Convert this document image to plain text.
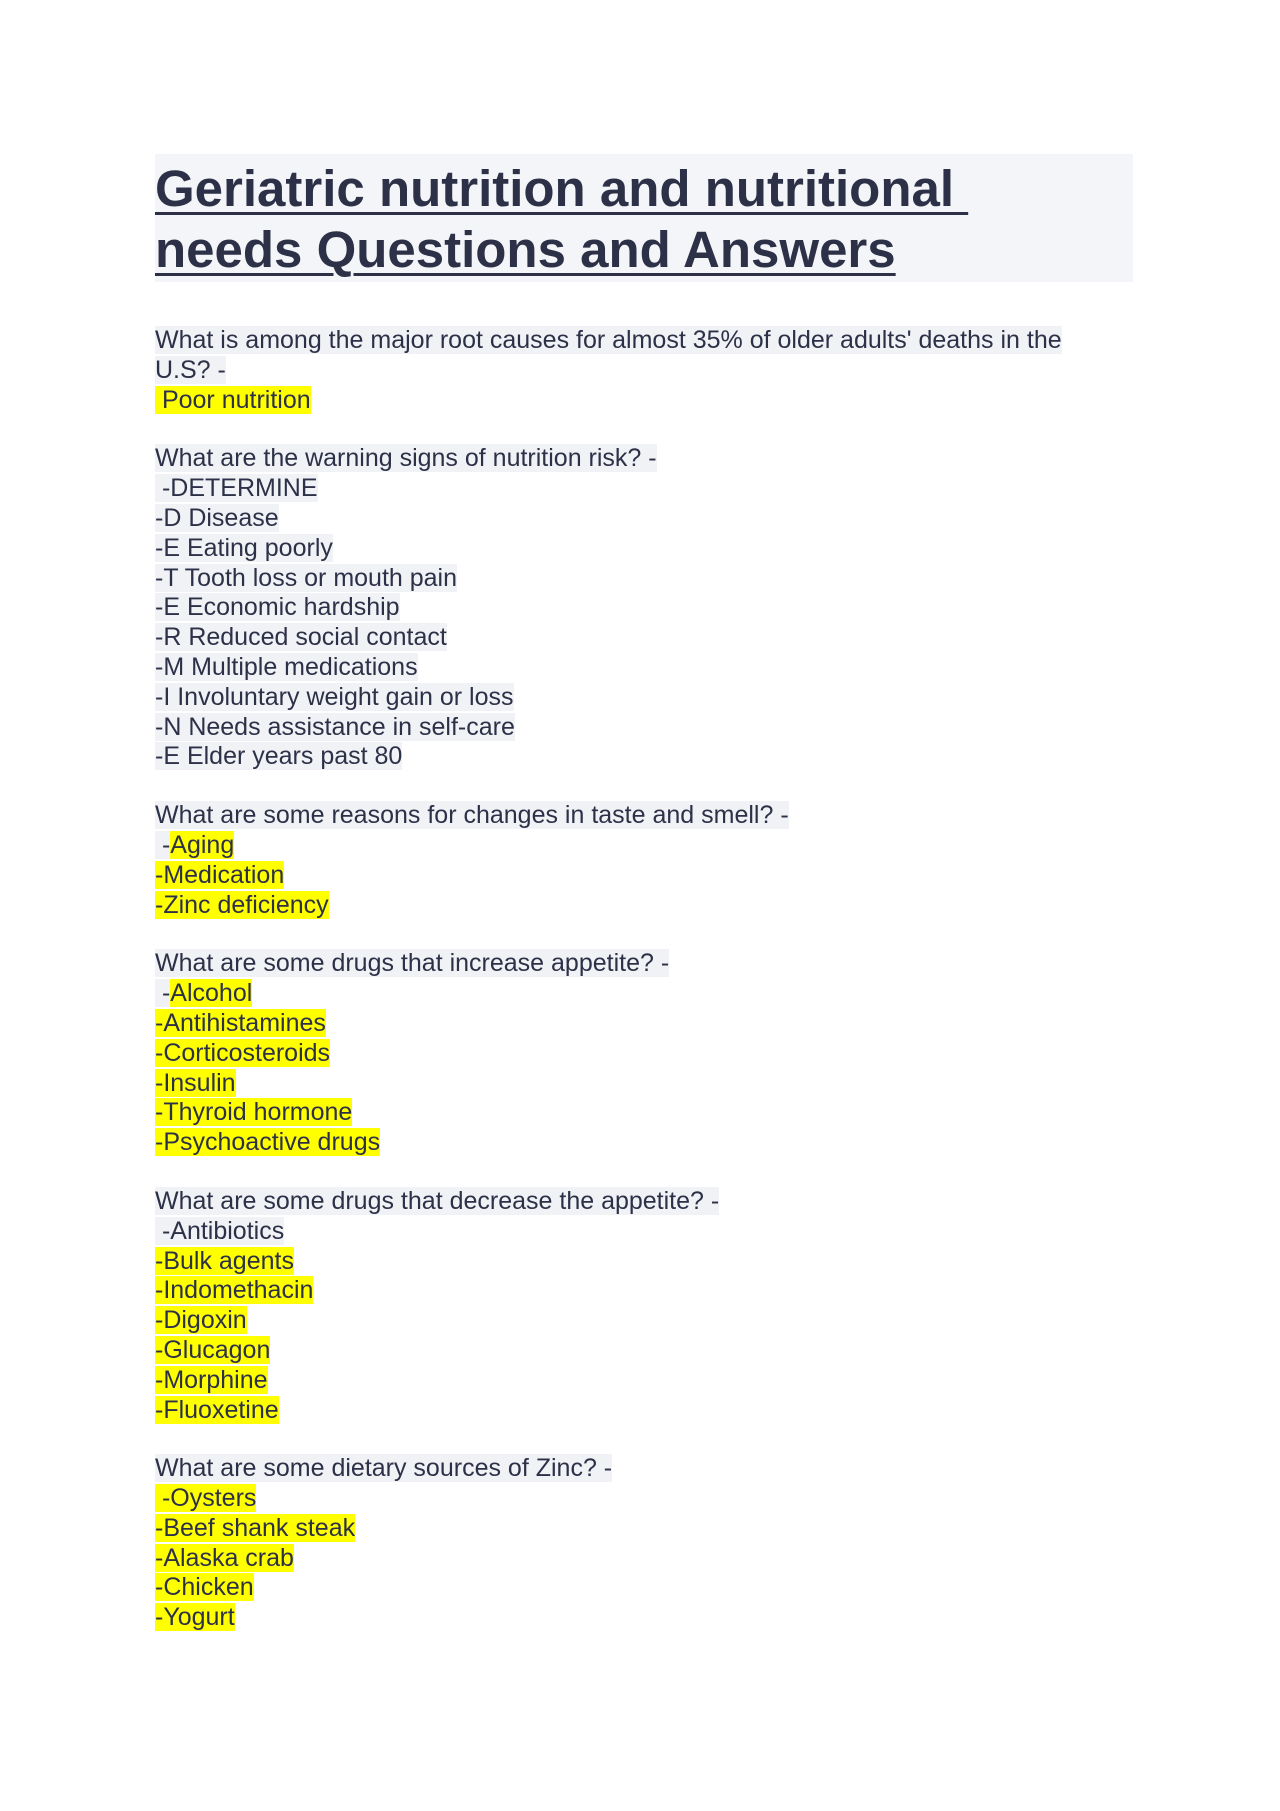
Geriatric nutrition and nutritional
needs Questions and Answers
What is among the major root causes for almost 35% of older adults' deaths in the
U.S? -
Poor nutrition
What are the warning signs of nutrition risk? -
-DETERMINE
-D Disease
-E Eating poorly
-T Tooth loss or mouth pain
-E Economic hardship
-R Reduced social contact
-M Multiple medications
-I Involuntary weight gain or loss
-N Needs assistance in self-care
-E Elder years past 80
What are some reasons for changes in taste and smell? -
-Aging
-Medication
-Zinc deficiency
What are some drugs that increase appetite? -
-Alcohol
-Antihistamines
-Corticosteroids
-Insulin
-Thyroid hormone
-Psychoactive drugs
What are some drugs that decrease the appetite? -
-Antibiotics
-Bulk agents
-Indomethacin
-Digoxin
-Glucagon
-Morphine
-Fluoxetine
What are some dietary sources of Zinc? -
-Oysters
-Beef shank steak
-Alaska crab
-Chicken
-Yogurt
